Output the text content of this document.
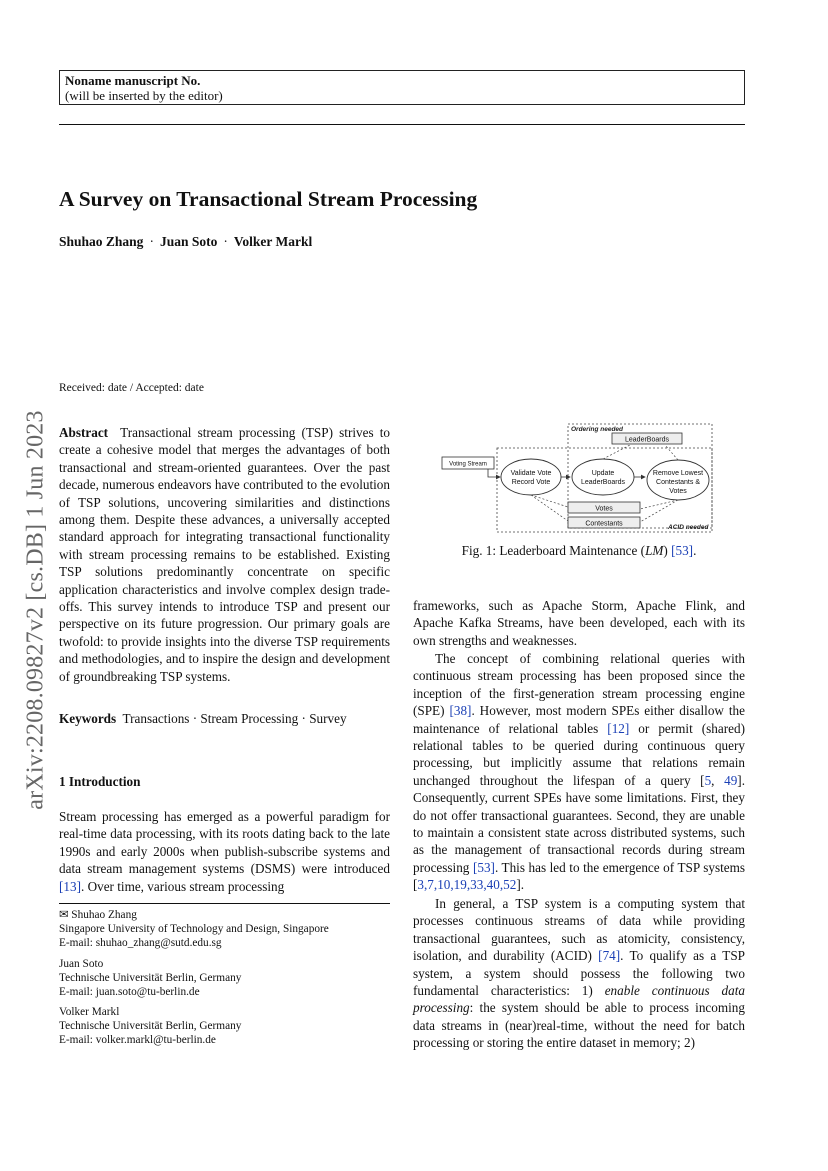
Noname manuscript No.
(will be inserted by the editor)
arXiv:2208.09827v2 [cs.DB] 1 Jun 2023
A Survey on Transactional Stream Processing
Shuhao Zhang · Juan Soto · Volker Markl
Received: date / Accepted: date

Abstract Transactional stream processing (TSP) strives to create a cohesive model that merges the advantages of both transactional and stream-oriented guarantees. Over the past decade, numerous endeavors have contributed to the evolution of TSP solutions, uncovering similarities and distinctions among them. Despite these advances, a universally accepted standard approach for integrating transactional functionality with stream processing remains to be established. Existing TSP solutions predominantly concentrate on specific application characteristics and involve complex design trade-offs. This survey intends to introduce TSP and present our perspective on its future progression. Our primary goals are twofold: to provide insights into the diverse TSP requirements and methodologies, and to inspire the design and development of groundbreaking TSP systems.

Keywords Transactions · Stream Processing · Survey
1 Introduction

Stream processing has emerged as a powerful paradigm for real-time data processing, with its roots dating back to the late 1990s and early 2000s when publish-subscribe systems and data stream management systems (DSMS) were introduced [13]. Over time, various stream processing

✉ Shuhao Zhang
Singapore University of Technology and Design, Singapore
E-mail: shuhao_zhang@sutd.edu.sg
Juan Soto
Technische Universität Berlin, Germany
E-mail: juan.soto@tu-berlin.de
Volker Markl
Technische Universität Berlin, Germany
E-mail: volker.markl@tu-berlin.de
Ordering needed
ACID needed
LeaderBoards
Voting Stream
Validate Vote
Record Vote
Update
LeaderBoards
Remove Lowest
Contestants &
Votes
Votes
Contestants
Fig. 1: Leaderboard Maintenance (LM) [53].

frameworks, such as Apache Storm, Apache Flink, and Apache Kafka Streams, have been developed, each with its own strengths and weaknesses.

The concept of combining relational queries with continuous stream processing has been proposed since the inception of the first-generation stream processing engine (SPE) [38]. However, most modern SPEs either disallow the maintenance of relational tables [12] or permit (shared) relational tables to be queried during continuous query processing, but implicitly assume that relations remain unchanged throughout the lifespan of a query [5, 49]. Consequently, current SPEs have some limitations. First, they do not offer transactional guarantees. Second, they are unable to maintain a consistent state across distributed systems, such as the management of transactional records during stream processing [53]. This has led to the emergence of TSP systems [3,7,10,19,33,40,52].

In general, a TSP system is a computing system that processes continuous streams of data while providing transactional guarantees, such as atomicity, consistency, isolation, and durability (ACID) [74]. To qualify as a TSP system, a system should possess the following two fundamental characteristics: 1) enable continuous data processing: the system should be able to process incoming data streams in (near)real-time, without the need for batch processing or storing the entire dataset in memory; 2)
